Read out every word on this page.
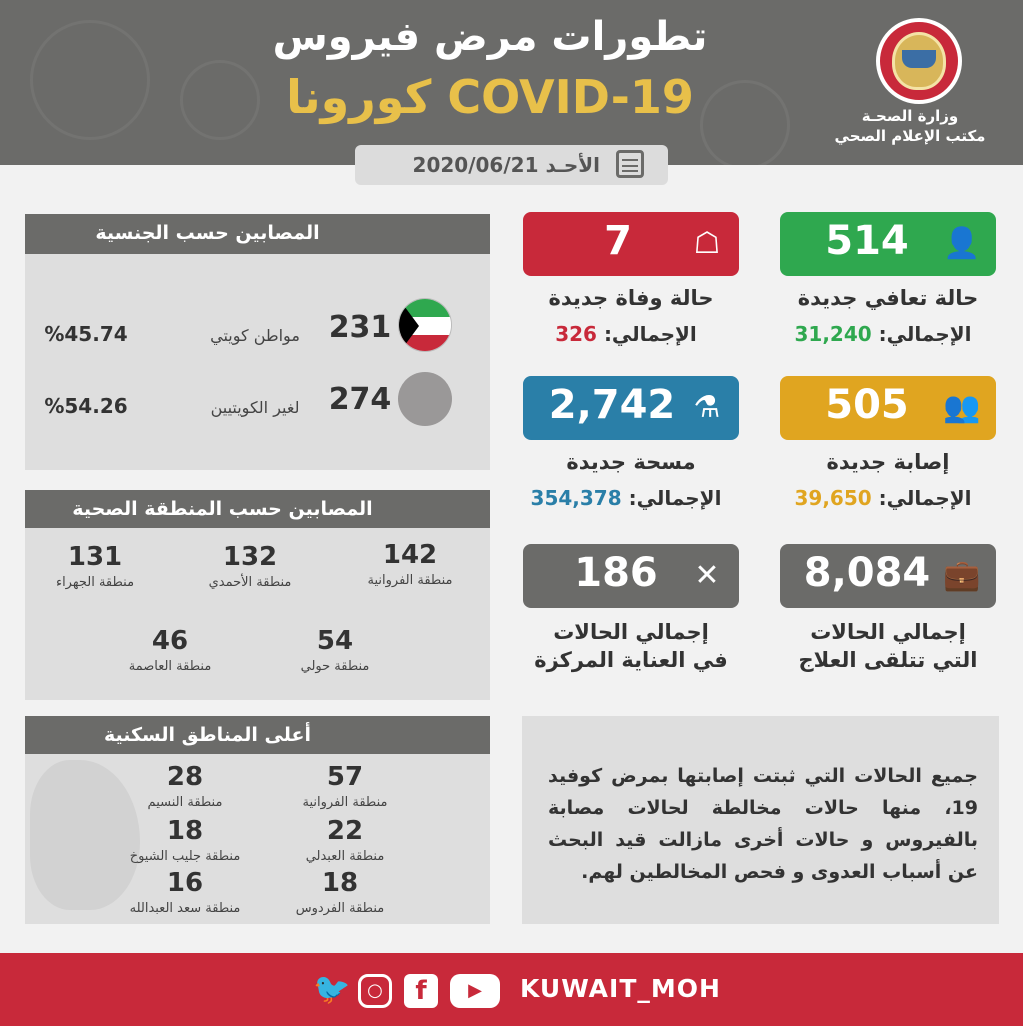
تطورات مرض فيروس
COVID-19 كورونا	وزارة الصحـة
مكتب الإعلام الصحي
الأحـد 2020/06/21
514	👤
حالة تعافي جديدة
الإجمالي: 31,240
7	☖
حالة وفاة جديدة
الإجمالي: 326
505	👥
إصابة جديدة
الإجمالي: 39,650
2,742 ⚗
مسحة جديدة
الإجمالي: 354,378
8,084 💼
إجمالي الحالات
التي تتلقى العلاج
186	✕
إجمالي الحالات
في العناية المركزة
المصابين حسب الجنسية
231
مواطن كويتي
%45.74
274
لغير الكويتيين
%54.26
المصابين حسب المنطقة الصحية
142
منطقة الفروانية
132
منطقة الأحمدي
131
منطقة الجهراء
54
منطقة حولي
46
منطقة العاصمة
أعلى المناطق السكنية
57
منطقة الفروانية
28
منطقة النسيم
22
منطقة العبدلي
18
منطقة جليب الشيوخ
18
منطقة الفردوس
16
منطقة سعد العبدالله
جميع الحالات التي ثبتت إصابتها بمرض كوفيد 19، منها حالات مخالطة لحالات مصابة بالفيروس و حالات أخرى مازالت قيد البحث عن أسباب العدوى و فحص المخالطين لهم.
🐦 ○	f	▶	KUWAIT_MOH
